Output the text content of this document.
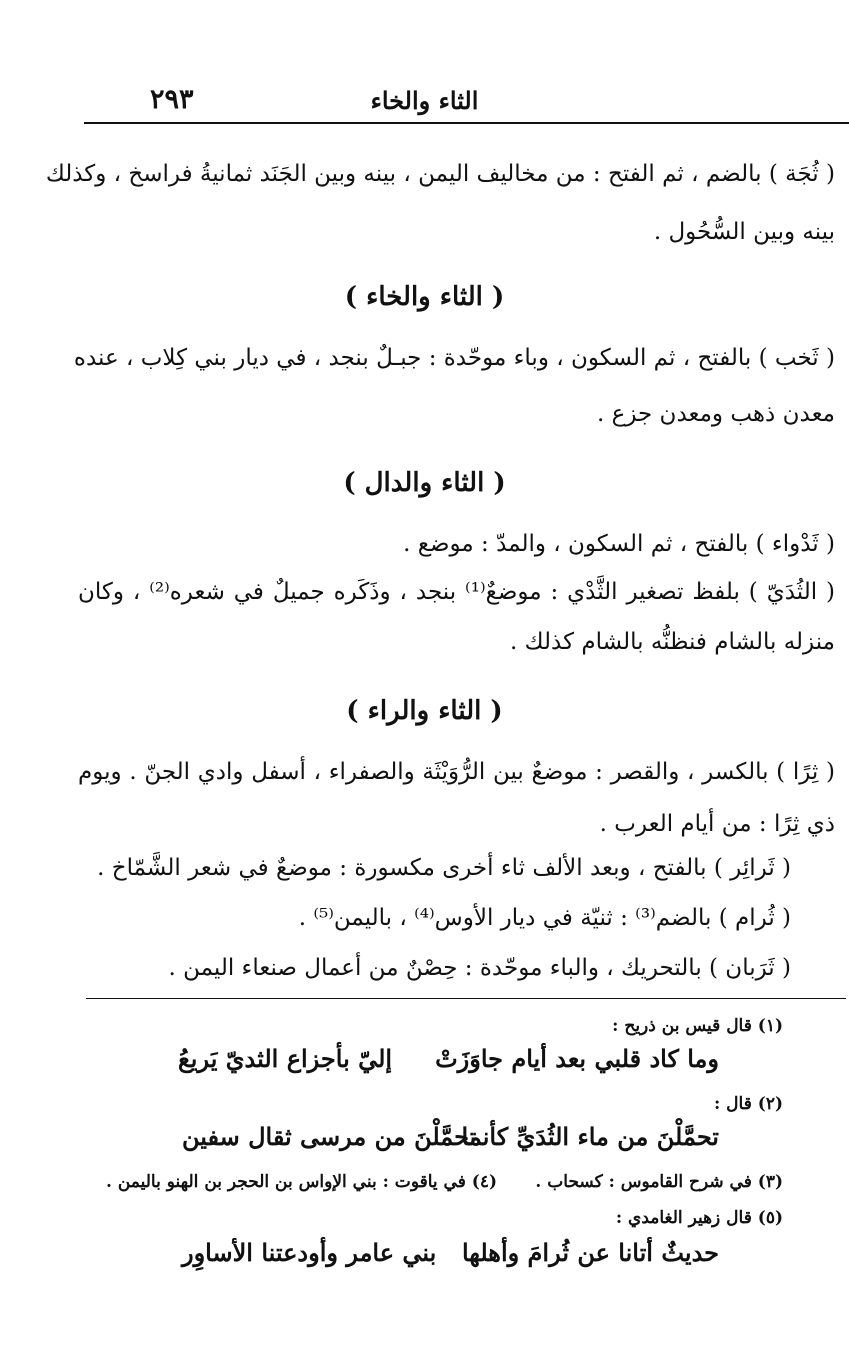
٢٩٣	الثاء والخاء
( ثُجَة ) بالضم ، ثم الفتح : من مخاليف اليمن ، بينه وبين الجَنَد ثمانيةُ فراسخ ، وكذلك
بينه وبين السُّحُول .
( الثاء والخاء )
( ثَخب ) بالفتح ، ثم السكون ، وباء موحّدة : جبـلٌ بنجد ، في ديار بني كِلاب ، عنده
معدن ذهب ومعدن جزع .
( الثاء والدال )
( ثَدْواء ) بالفتح ، ثم السكون ، والمدّ : موضع .
( الثُدَيّ ) بلفظ تصغير الثَّدْي : موضعٌ⁽¹⁾ بنجد ، وذَكَره جميلٌ في شعره⁽²⁾ ، وكان
منزله بالشام فنظنُّه بالشام كذلك .
( الثاء والراء )
( ثِرًا ) بالكسر ، والقصر : موضعٌ بين الرُّوَيْثَة والصفراء ، أسفل وادي الجنّ . ويوم
ذي ثِرًا : من أيام العرب .
( ثَرائِر ) بالفتح ، وبعد الألف ثاء أخرى مكسورة : موضعٌ في شعر الشَّمّاخ .
( ثُرام ) بالضم⁽³⁾ : ثنيّة في ديار الأوس⁽⁴⁾ ، باليمن⁽⁵⁾ .
( ثَرَبان ) بالتحريك ، والباء موحّدة : حِصْنٌ من أعمال صنعاء اليمن .
(١) قال قيس بن ذريح :
وما كاد قلبي بعد أيام جاوَزَتْ
إليّ بأجزاع الثديّ يَريعُ
(٢) قال :
تحمَّلْنَ من ماء الثُدَيِّ كأنما
تحمَّلْنَ من مرسى ثقال سفين
(٣) في شرح القاموس : كسحاب .
(٤) في ياقوت : بني الإواس بن الحجر بن الهنو باليمن .
(٥) قال زهير الغامدي :
حديثٌ أتانا عن ثُرامَ وأهلها
بني عامر وأودعتنا الأساوِر
